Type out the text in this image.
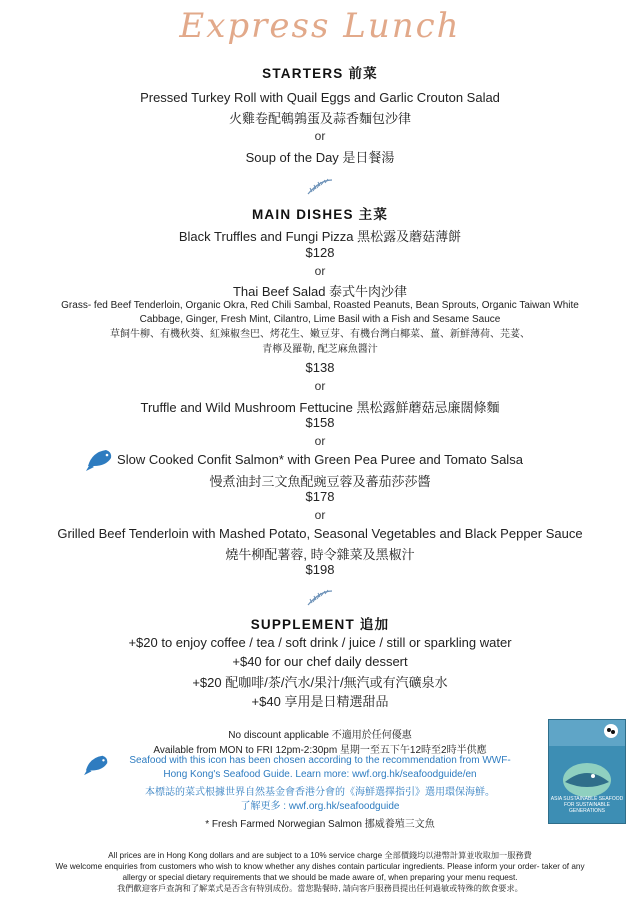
Express Lunch
STARTERS 前菜
Pressed Turkey Roll with Quail Eggs and Garlic Crouton Salad
火雞卷配鵪鶉蛋及蒜香麵包沙律
or
Soup of the Day 是日餐湯
MAIN DISHES 主菜
Black Truffles and Fungi Pizza 黑松露及蘑菇薄餅
$128
or
Thai Beef Salad 泰式牛肉沙律
Grass- fed Beef Tenderloin, Organic Okra, Red Chili Sambal, Roasted Peanuts, Bean Sprouts, Organic Taiwan White
Cabbage, Ginger, Fresh Mint, Cilantro, Lime Basil with a Fish and Sesame Sauce
草飼牛柳、有機秋葵、紅辣椒叁巴、烤花生、嫩豆芽、有機台灣白椰菜、薑、新鮮薄荷、芫荽、
青檸及羅勒, 配芝麻魚醬汁
$138
or
Truffle and Wild Mushroom Fettucine 黑松露鮮蘑菇忌廉闊條麵
$158
or
Slow Cooked Confit Salmon* with Green Pea Puree and Tomato Salsa
慢煮油封三文魚配豌豆蓉及蕃茄莎莎醬
$178
or
Grilled Beef Tenderloin with Mashed Potato, Seasonal Vegetables and Black Pepper Sauce
燒牛柳配薯蓉, 時令雜菜及黑椒汁
$198
SUPPLEMENT 追加
+$20 to enjoy coffee / tea / soft drink / juice / still or sparkling water
+$40 for our chef daily dessert
+$20 配咖啡/茶/汽水/果汁/無汽或有汽礦泉水
+$40 享用是日精選甜品
No discount applicable 不適用於任何優惠
Available from MON to FRI 12pm-2:30pm 星期一至五下午12時至2時半供應
Seafood with this icon has been chosen according to the recommendation from WWF-
Hong Kong's Seafood Guide. Learn more: wwf.org.hk/seafoodguide/en
本標誌的菜式根據世界自然基金會香港分會的《海鮮選擇指引》選用環保海鮮。
了解更多 : wwf.org.hk/seafoodguide
* Fresh Farmed Norwegian Salmon 挪威養殖三文魚
ASIA SUSTAINABLE SEAFOOD FOR SUSTAINABLE GENERATIONS
All prices are in Hong Kong dollars and are subject to a 10% service charge 全部價錢均以港幣計算並收取加一服務費
We welcome enquiries from customers who wish to know whether any dishes contain particular ingredients. Please inform your order- taker of any
allergy or special dietary requirements that we should be made aware of, when preparing your menu request.
我們歡迎客戶查詢和了解菜式是否含有特別成份。當您點餐時, 請向客戶服務員提出任何過敏或特殊的飲食要求。
